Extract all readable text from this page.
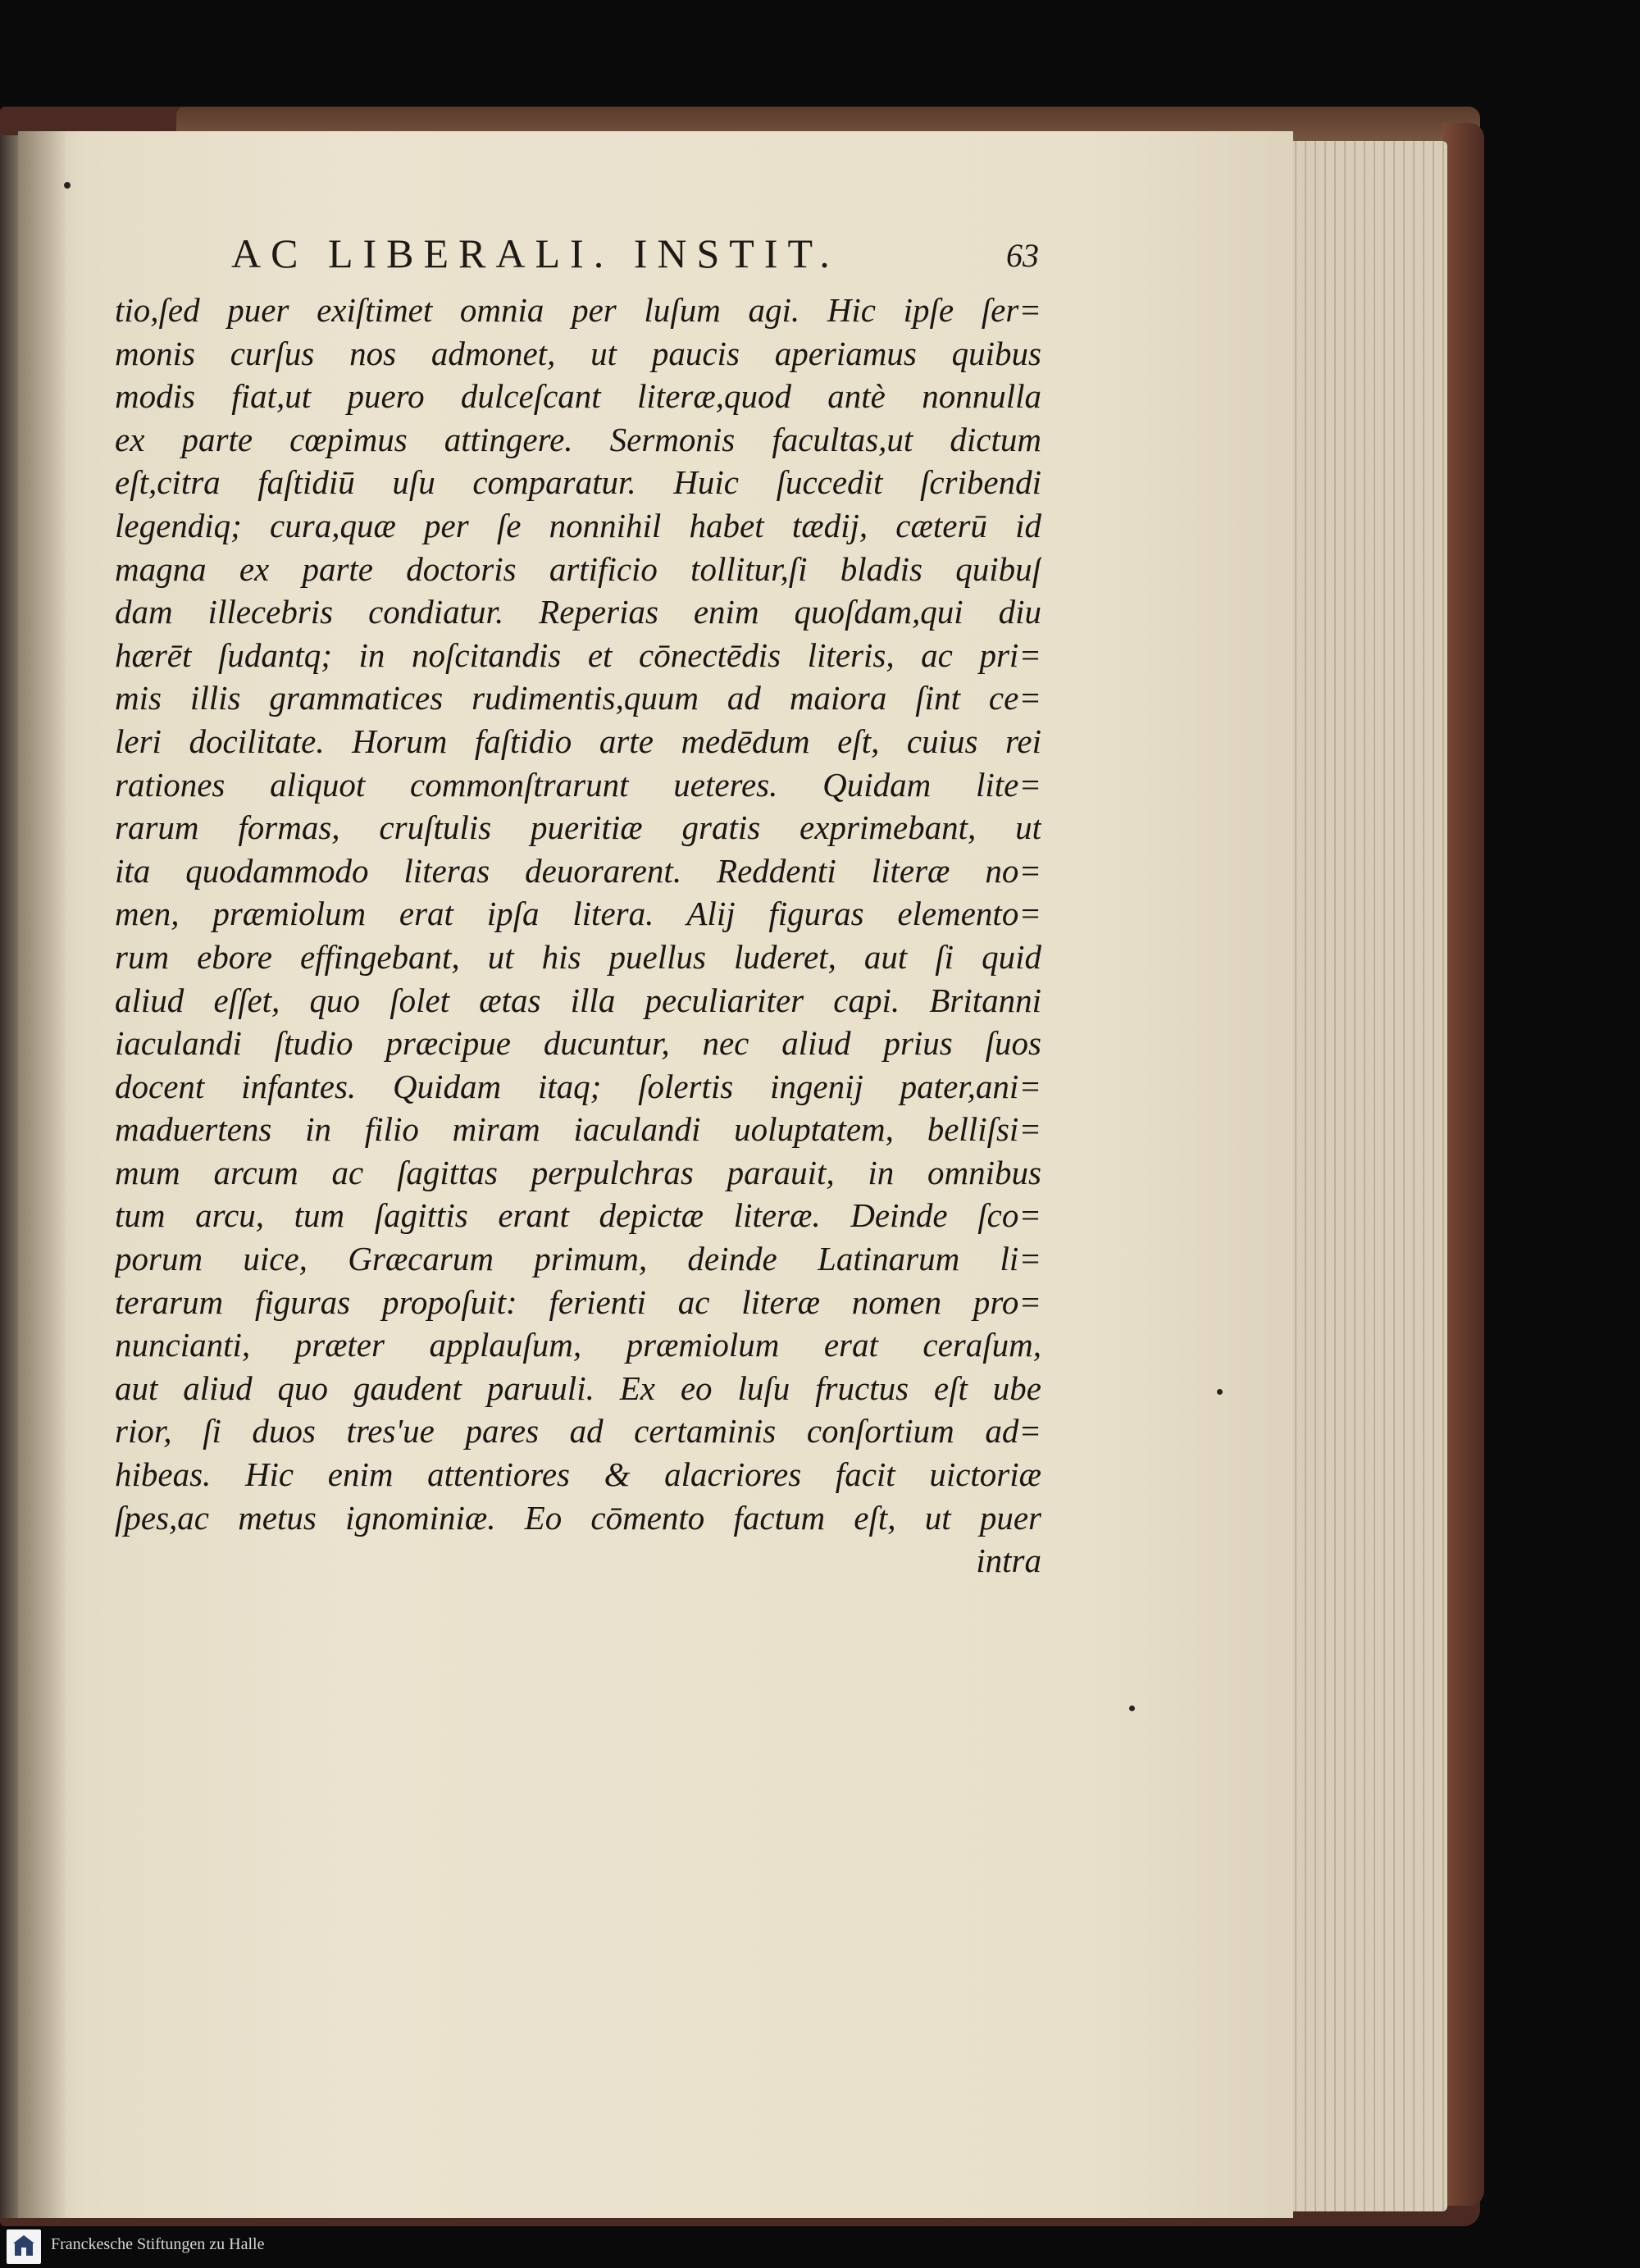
AC LIBERALI. INSTIT.	63
tio,ſed puer exiſtimet omnia per luſum agi. Hic ipſe ſer=
monis curſus nos admonet, ut paucis aperiamus quibus
modis fiat,ut puero dulceſcant literæ,quod antè nonnulla
ex parte cœpimus attingere. Sermonis facultas,ut dictum
eſt,citra faſtidiū uſu comparatur. Huic ſuccedit ſcribendi
legendiq; cura,quæ per ſe nonnihil habet tædij, cæterū id
magna ex parte doctoris artificio tollitur,ſi bladis quibuſ
dam illecebris condiatur. Reperias enim quoſdam,qui diu
hærēt ſudantq; in noſcitandis et cōnectēdis literis, ac pri=
mis illis grammatices rudimentis,quum ad maiora ſint ce=
leri docilitate. Horum faſtidio arte medēdum eſt, cuius rei
rationes aliquot commonſtrarunt ueteres. Quidam lite=
rarum formas, cruſtulis pueritiæ gratis exprimebant, ut
ita quodammodo literas deuorarent. Reddenti literæ no=
men, præmiolum erat ipſa litera. Alij figuras elemento=
rum ebore effingebant, ut his puellus luderet, aut ſi quid
aliud eſſet, quo ſolet ætas illa peculiariter capi. Britanni
iaculandi ſtudio præcipue ducuntur, nec aliud prius ſuos
docent infantes. Quidam itaq; ſolertis ingenij pater,ani=
maduertens in filio miram iaculandi uoluptatem, belliſsi=
mum arcum ac ſagittas perpulchras parauit, in omnibus
tum arcu, tum ſagittis erant depictæ literæ. Deinde ſco=
porum uice, Græcarum primum, deinde Latinarum li=
terarum figuras propoſuit: ferienti ac literæ nomen pro=
nuncianti, præter applauſum, præmiolum erat ceraſum,
aut aliud quo gaudent paruuli. Ex eo luſu fructus eſt ube
rior, ſi duos tres'ue pares ad certaminis conſortium ad=
hibeas. Hic enim attentiores & alacriores facit uictoriæ
ſpes,ac metus ignominiæ. Eo cōmento factum eſt, ut puer
intra
Franckesche Stiftungen zu Halle
